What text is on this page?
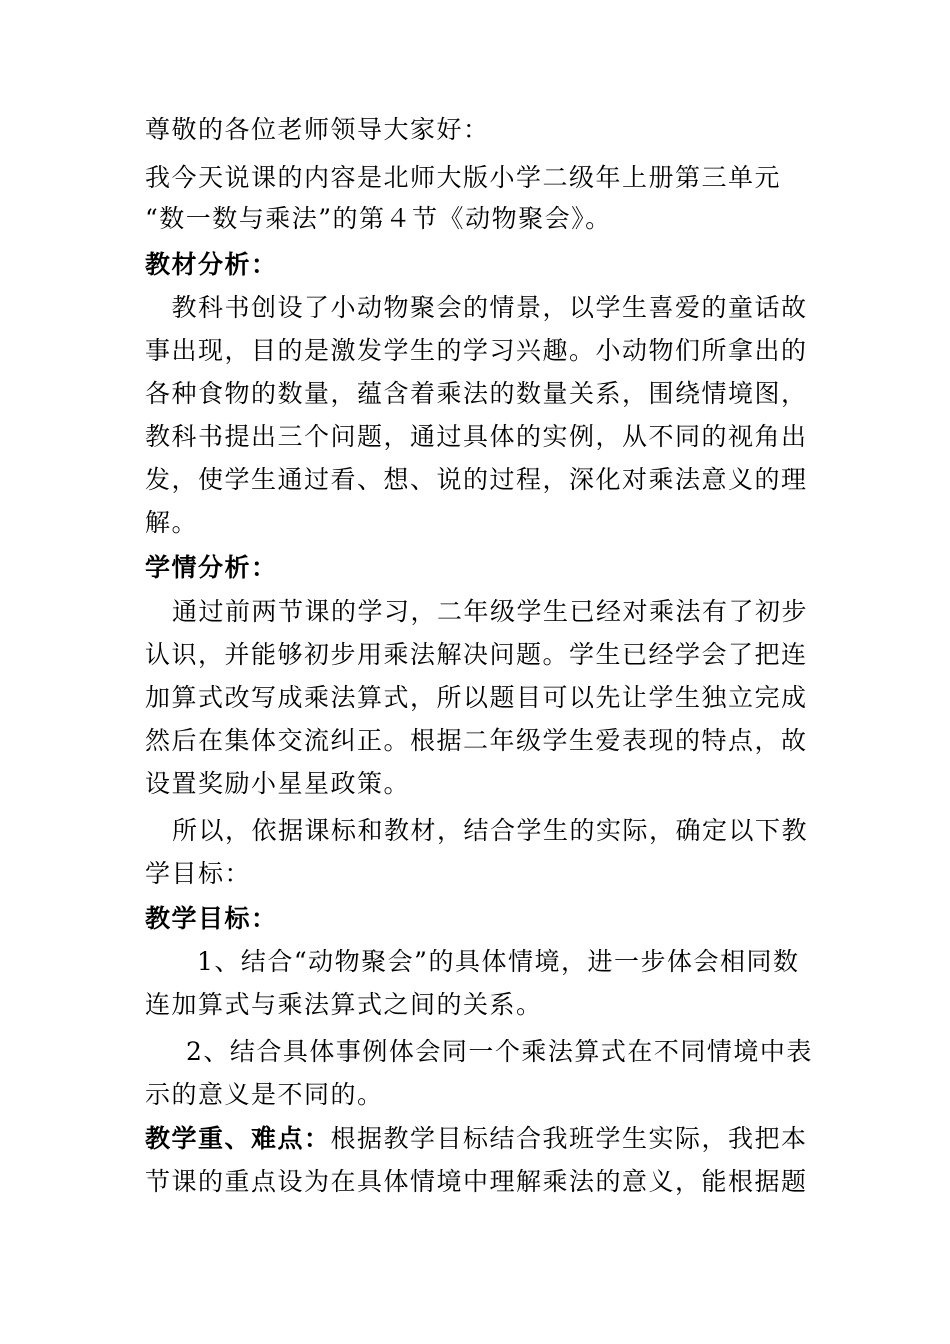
尊敬的各位老师领导大家好：
我今天说课的内容是北师大版小学二级年上册第三单元
“数一数与乘法”的第４节《动物聚会》。
教材分析：
　教科书创设了小动物聚会的情景，以学生喜爱的童话故
事出现，目的是激发学生的学习兴趣。小动物们所拿出的
各种食物的数量，蕴含着乘法的数量关系，围绕情境图，
教科书提出三个问题，通过具体的实例，从不同的视角出
发，使学生通过看、想、说的过程，深化对乘法意义的理
解。
学情分析：
通过前两节课的学习，二年级学生已经对乘法有了初步
认识，并能够初步用乘法解决问题。学生已经学会了把连
加算式改写成乘法算式，所以题目可以先让学生独立完成
然后在集体交流纠正。根据二年级学生爱表现的特点，故
设置奖励小星星政策。
所以，依据课标和教材，结合学生的实际，确定以下教
学目标：
教学目标：
1、结合“动物聚会”的具体情境，进一步体会相同数
连加算式与乘法算式之间的关系。
2、结合具体事例体会同一个乘法算式在不同情境中表
示的意义是不同的。
教学重、难点：根据教学目标结合我班学生实际，我把本
节课的重点设为在具体情境中理解乘法的意义，能根据题
